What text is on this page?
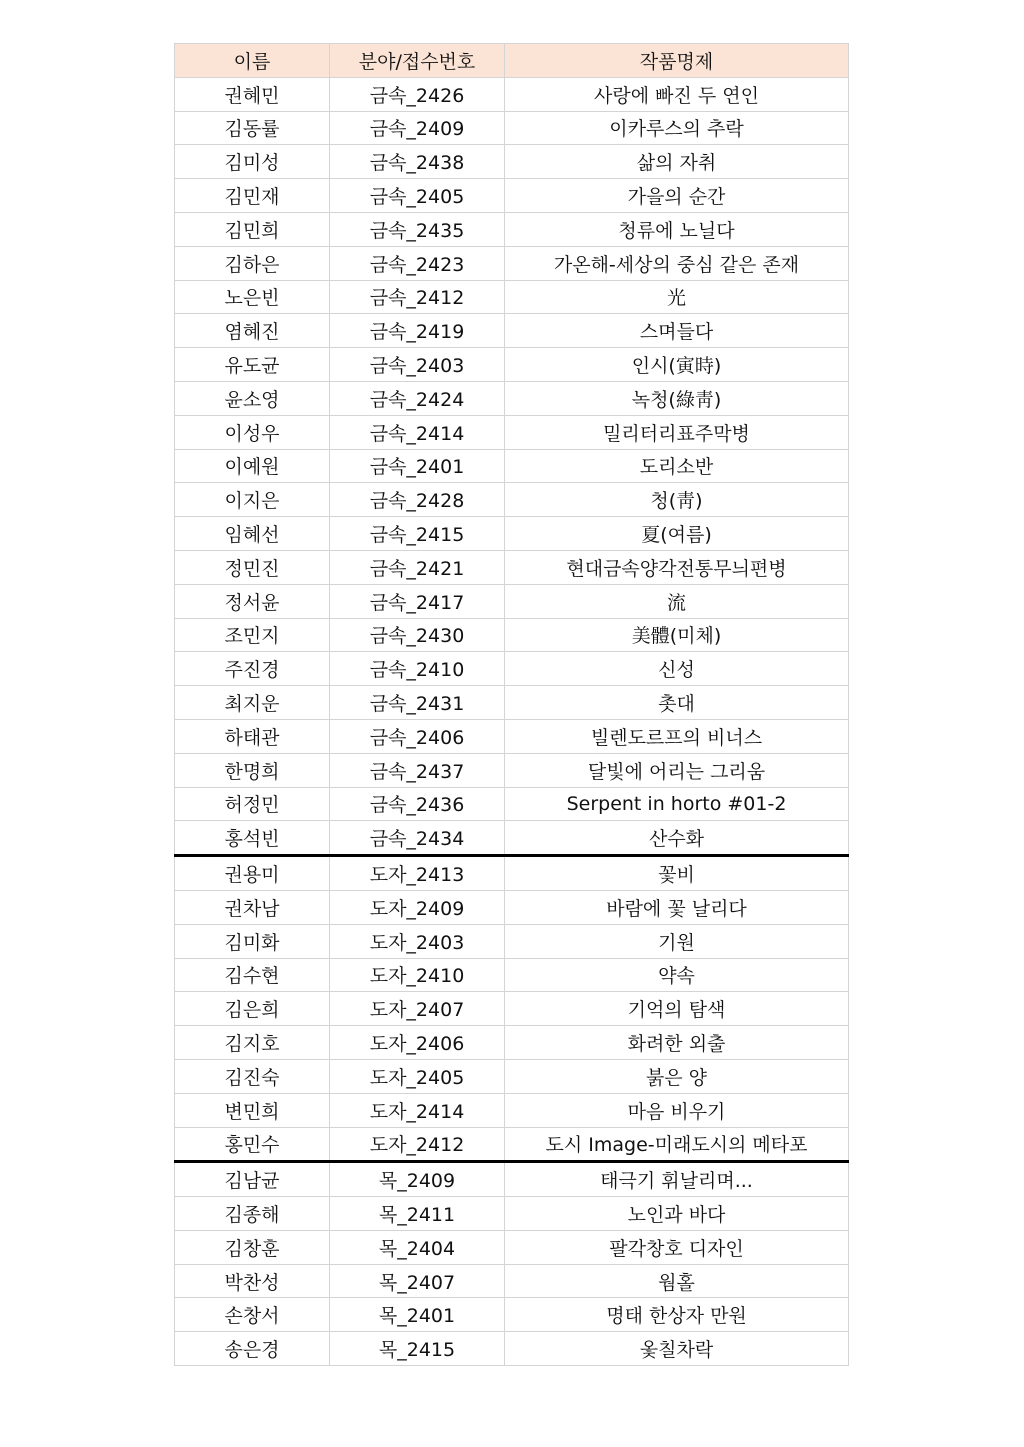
이름	분야/접수번호	작품명제
권혜민	금속_2426	사랑에 빠진 두 연인
김동률	금속_2409	이카루스의 추락
김미성	금속_2438	삶의 자취
김민재	금속_2405	가을의 순간
김민희	금속_2435	청류에 노닐다
김하은	금속_2423	가온해-세상의 중심 같은 존재
노은빈	금속_2412	光
염혜진	금속_2419	스며들다
유도균	금속_2403	인시(寅時)
윤소영	금속_2424	녹청(綠靑)
이성우	금속_2414	밀리터리표주막병
이예원	금속_2401	도리소반
이지은	금속_2428	청(靑)
임혜선	금속_2415	夏(여름)
정민진	금속_2421	현대금속양각전통무늬편병
정서윤	금속_2417	流
조민지	금속_2430	美體(미체)
주진경	금속_2410	신성
최지운	금속_2431	촛대
하태관	금속_2406	빌렌도르프의 비너스
한명희	금속_2437	달빛에 어리는 그리움
허정민	금속_2436	Serpent in horto #01-2
홍석빈	금속_2434	산수화
권용미	도자_2413	꽃비
권차남	도자_2409	바람에 꽃 날리다
김미화	도자_2403	기원
김수현	도자_2410	약속
김은희	도자_2407	기억의 탐색
김지호	도자_2406	화려한 외출
김진숙	도자_2405	붉은 양
변민희	도자_2414	마음 비우기
홍민수	도자_2412	도시 Image-미래도시의 메타포
김남균	목_2409	태극기 휘날리며...
김종해	목_2411	노인과 바다
김창훈	목_2404	팔각창호 디자인
박찬성	목_2407	웜홀
손창서	목_2401	명태 한상자 만원
송은경	목_2415	옻칠차락
